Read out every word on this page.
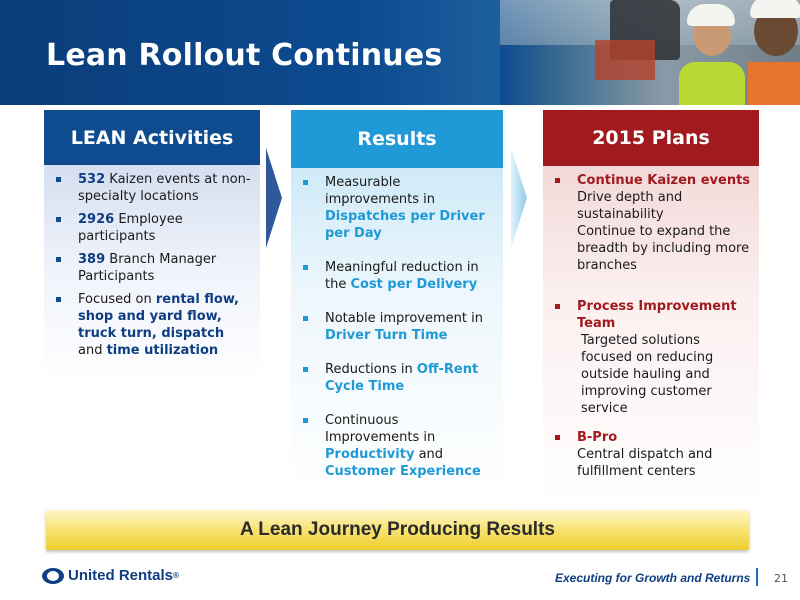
Lean Rollout Continues
LEAN Activities
532 Kaizen events at non-specialty locations
2926 Employee participants
389 Branch Manager Participants
Focused on rental flow, shop and yard flow, truck turn, dispatch and time utilization
Results
Measurable improvements in Dispatches per Driver per Day
Meaningful reduction in the Cost per Delivery
Notable improvement in Driver Turn Time
Reductions in Off-Rent Cycle Time
Continuous Improvements in Productivity and Customer Experience
2015 Plans
Continue Kaizen events
Drive depth and sustainability
Continue to expand the breadth by including more branches
Process Improvement Team
Targeted solutions focused on reducing outside hauling and improving customer service
B-Pro
Central dispatch and fulfillment centers
A Lean Journey Producing Results
United Rentals ®	Executing for Growth and Returns 21
